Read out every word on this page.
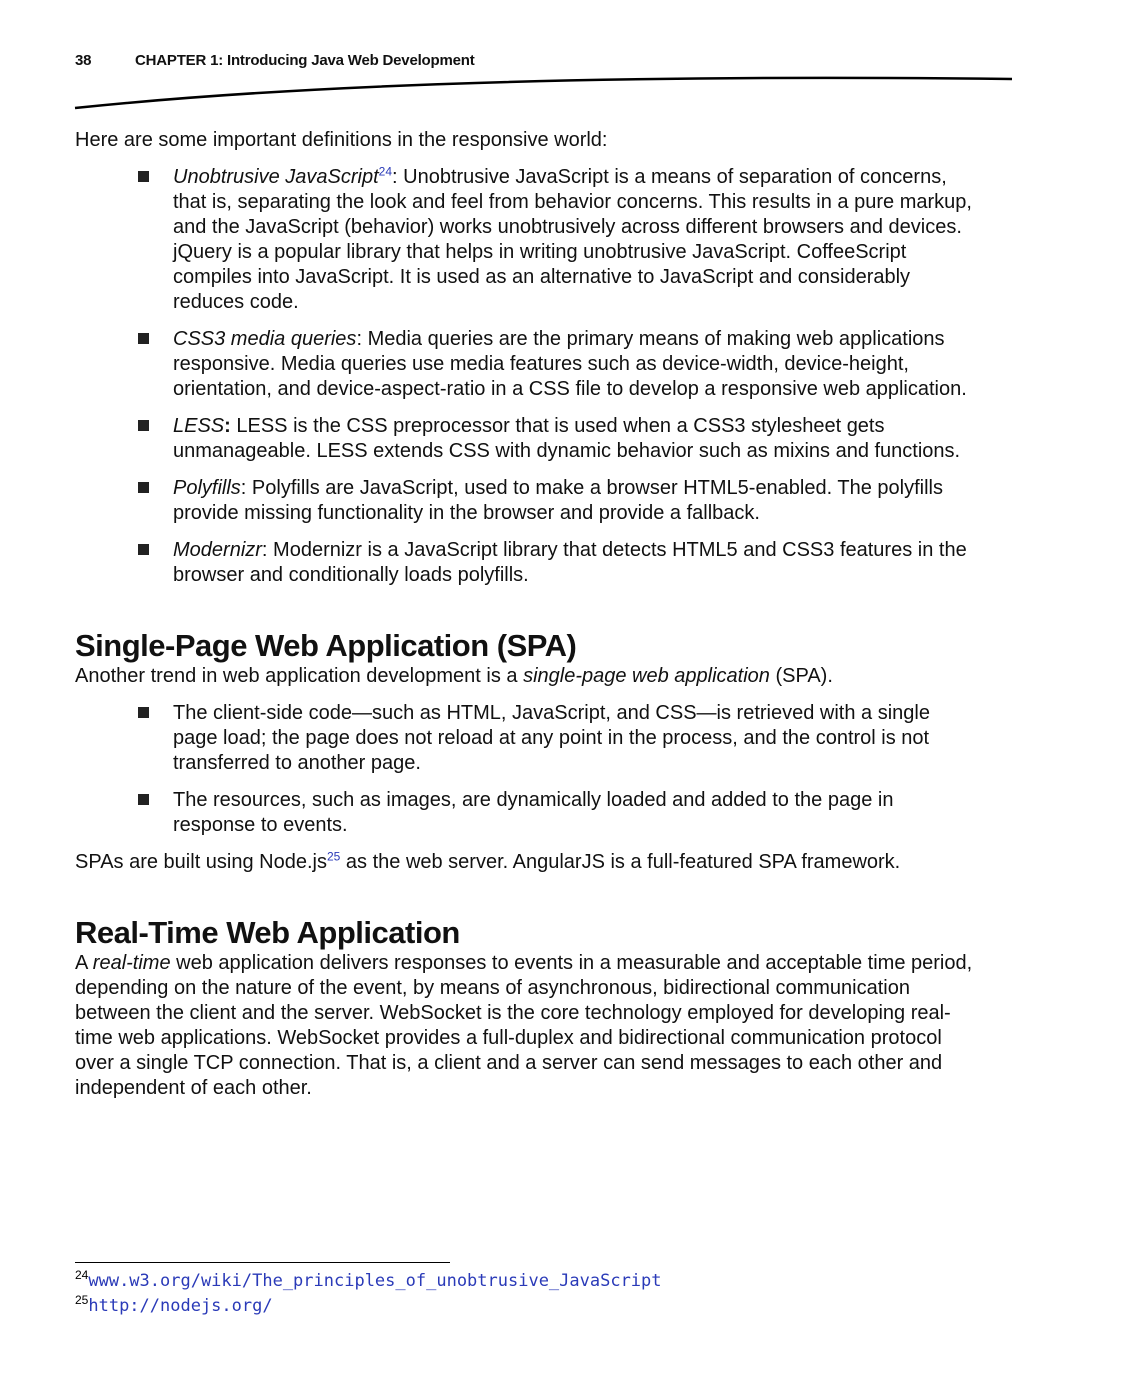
38	CHAPTER 1: Introducing Java Web Development

Here are some important definitions in the responsive world:

Unobtrusive JavaScript$^{24}$: Unobtrusive JavaScript is a means of separation of concerns, that is, separating the look and feel from behavior concerns. This results in a pure markup, and the JavaScript (behavior) works unobtrusively across different browsers and devices. jQuery is a popular library that helps in writing unobtrusive JavaScript. CoffeeScript compiles into JavaScript. It is used as an alternative to JavaScript and considerably reduces code.
CSS3 media queries: Media queries are the primary means of making web applications responsive. Media queries use media features such as device-width, device-height, orientation, and device-aspect-ratio in a CSS file to develop a responsive web application.
LESS: LESS is the CSS preprocessor that is used when a CSS3 stylesheet gets unmanageable. LESS extends CSS with dynamic behavior such as mixins and functions.
Polyfills: Polyfills are JavaScript, used to make a browser HTML5-enabled. The polyfills provide missing functionality in the browser and provide a fallback.
Modernizr: Modernizr is a JavaScript library that detects HTML5 and CSS3 features in the browser and conditionally loads polyfills.
Single-Page Web Application (SPA)

Another trend in web application development is a single-page web application (SPA).

The client-side code—such as HTML, JavaScript, and CSS—is retrieved with a single page load; the page does not reload at any point in the process, and the control is not transferred to another page.
The resources, such as images, are dynamically loaded and added to the page in response to events.

SPAs are built using Node.js$^{25}$ as the web server. AngularJS is a full-featured SPA framework.

Real-Time Web Application

A real-time web application delivers responses to events in a measurable and acceptable time period, depending on the nature of the event, by means of asynchronous, bidirectional communication between the client and the server. WebSocket is the core technology employed for developing real-time web applications. WebSocket provides a full-duplex and bidirectional communication protocol over a single TCP connection. That is, a client and a server can send messages to each other and independent of each other.

$^{24}$www.w3.org/wiki/The_principles_of_unobtrusive_JavaScript
$^{25}$http://nodejs.org/
